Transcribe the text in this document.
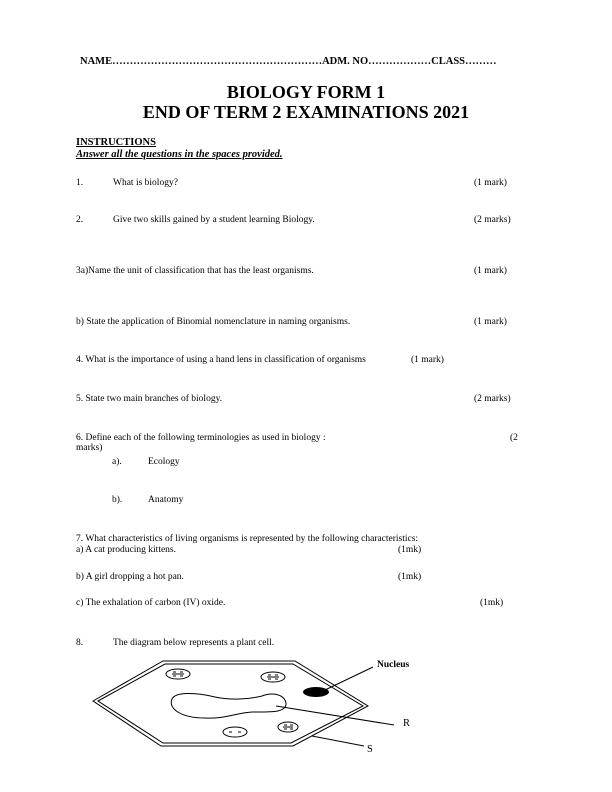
NAME……………………………………………………ADM. NO………………CLASS………
BIOLOGY FORM 1
END OF TERM 2 EXAMINATIONS 2021
INSTRUCTIONS
Answer all the questions in the spaces provided.
1.	What is biology?	(1 mark)
2.	Give two skills gained by a student learning Biology.	(2 marks)
3a)Name the unit of classification that has the least organisms.	(1 mark)
b) State the application of Binomial nomenclature in naming organisms.	(1 mark)
4. What is the importance of using a hand lens in classification of organisms	(1 mark)
5. State two main branches of biology.	(2 marks)
6. Define each of the following terminologies as used in biology :	(2
marks)
a).	Ecology
b).	Anatomy
7. What characteristics of living organisms is represented by the following characteristics:
a) A cat producing kittens.	(1mk)
b) A girl dropping a hot pan.	(1mk)
c) The exhalation of carbon (IV) oxide.	(1mk)
8.	The diagram below represents a plant cell.
Nucleus
R
S
